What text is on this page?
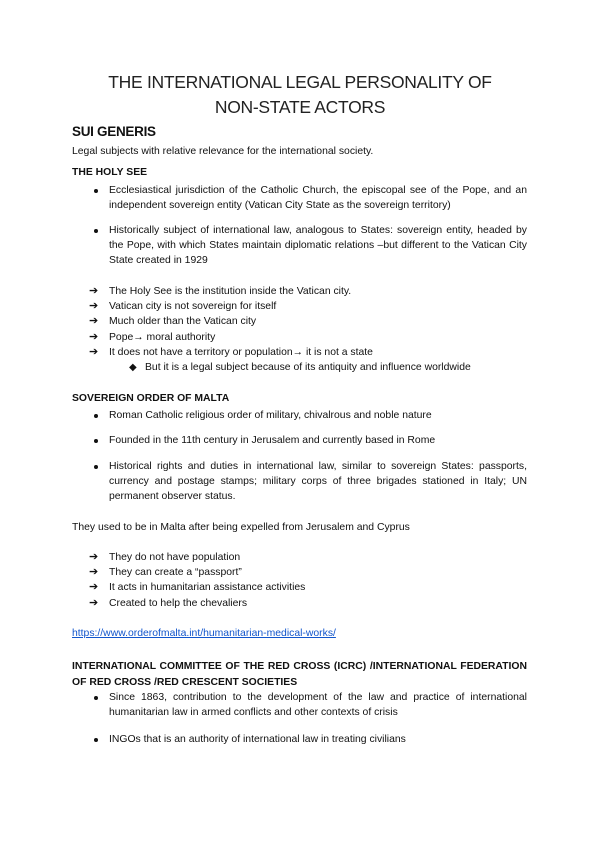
THE INTERNATIONAL LEGAL PERSONALITY OF
NON-STATE ACTORS
SUI GENERIS
Legal subjects with relative relevance for the international society.
THE HOLY SEE
Ecclesiastical jurisdiction of the Catholic Church, the episcopal see of the Pope, and an independent sovereign entity (Vatican City State as the sovereign territory)
Historically subject of international law, analogous to States: sovereign entity, headed by the Pope, with which States maintain diplomatic relations –but different to the Vatican City State created in 1929
➔ The Holy See is the institution inside the Vatican city.
➔ Vatican city is not sovereign for itself
➔ Much older than the Vatican city
➔ Pope→ moral authority
➔ It does not have a territory or population→ it is not a state
◆ But it is a legal subject because of its antiquity and influence worldwide
SOVEREIGN ORDER OF MALTA
Roman Catholic religious order of military, chivalrous and noble nature
Founded in the 11th century in Jerusalem and currently based in Rome
Historical rights and duties in international law, similar to sovereign States: passports, currency and postage stamps; military corps of three brigades stationed in Italy; UN permanent observer status.
They used to be in Malta after being expelled from Jerusalem and Cyprus
➔ They do not have population
➔ They can create a “passport”
➔ It acts in humanitarian assistance activities
➔ Created to help the chevaliers
https://www.orderofmalta.int/humanitarian-medical-works/
INTERNATIONAL COMMITTEE OF THE RED CROSS (ICRC) /INTERNATIONAL FEDERATION OF RED CROSS /RED CRESCENT SOCIETIES
Since 1863, contribution to the development of the law and practice of international humanitarian law in armed conflicts and other contexts of crisis
INGOs that is an authority of international law in treating civilians
